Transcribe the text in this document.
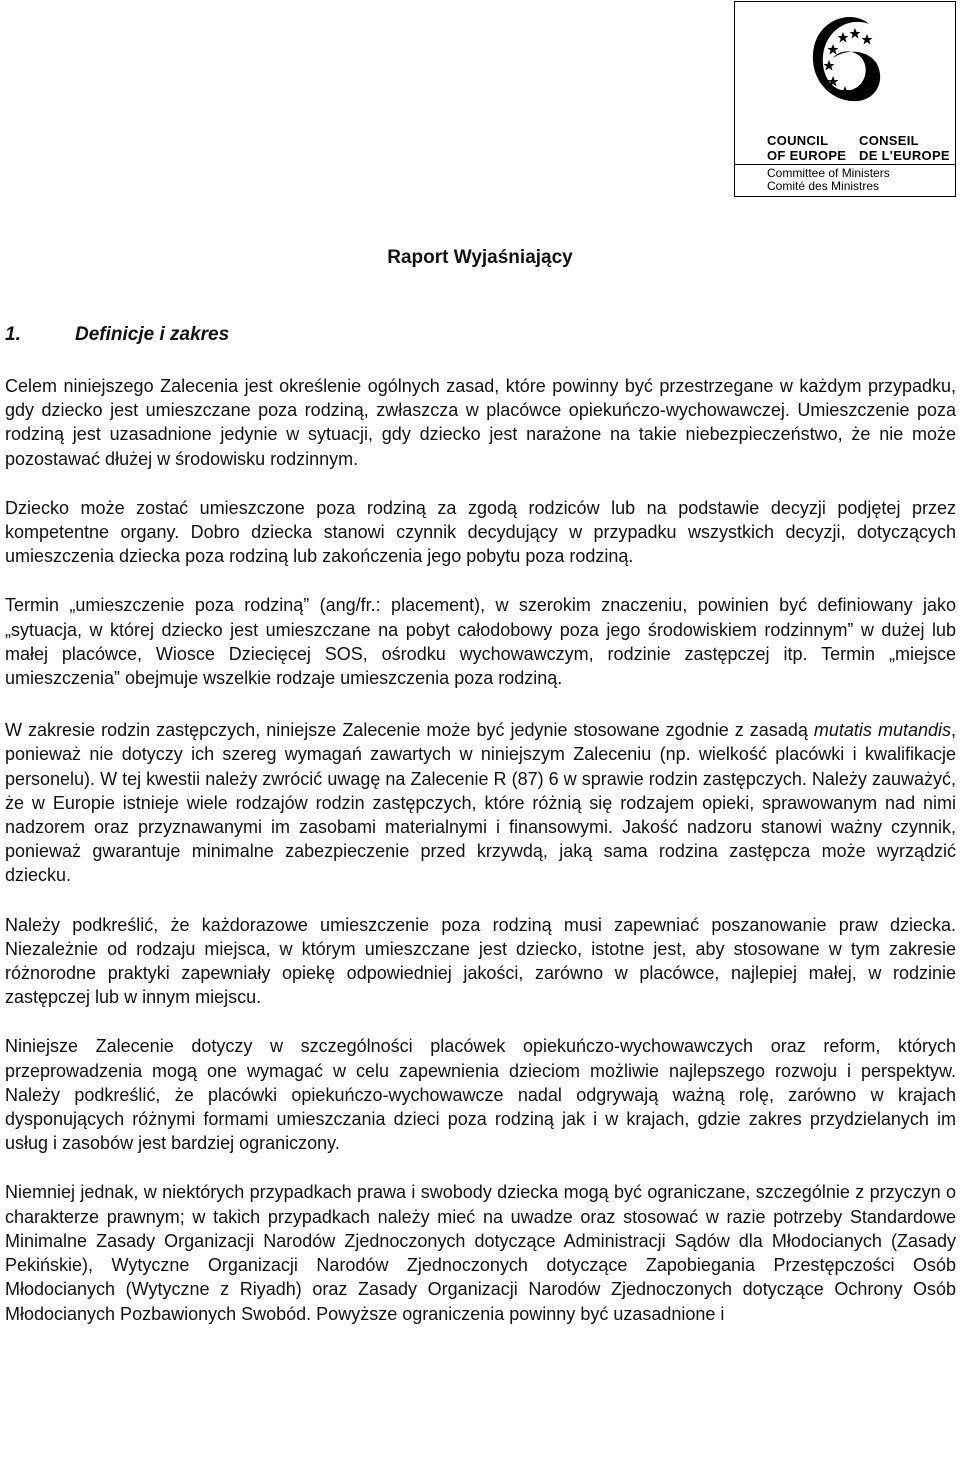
COUNCIL
OF EUROPE
CONSEIL
DE L'EUROPE
Committee of Ministers
Comité des Ministres
Raport Wyjaśniający
1.	Definicje i zakres

Celem niniejszego Zalecenia jest określenie ogólnych zasad, które powinny być przestrzegane w każdym przypadku, gdy dziecko jest umieszczane poza rodziną, zwłaszcza w placówce opiekuńczo-wychowawczej. Umieszczenie poza rodziną jest uzasadnione jedynie w sytuacji, gdy dziecko jest narażone na takie niebezpieczeństwo, że nie może pozostawać dłużej w środowisku rodzinnym.

Dziecko może zostać umieszczone poza rodziną za zgodą rodziców lub na podstawie decyzji podjętej przez kompetentne organy. Dobro dziecka stanowi czynnik decydujący w przypadku wszystkich decyzji, dotyczących umieszczenia dziecka poza rodziną lub zakończenia jego pobytu poza rodziną.

Termin „umieszczenie poza rodziną” (ang/fr.: placement), w szerokim znaczeniu, powinien być definiowany jako „sytuacja, w której dziecko jest umieszczane na pobyt całodobowy poza jego środowiskiem rodzinnym” w dużej lub małej placówce, Wiosce Dziecięcej SOS, ośrodku wychowawczym, rodzinie zastępczej itp. Termin „miejsce umieszczenia” obejmuje wszelkie rodzaje umieszczenia poza rodziną.

W zakresie rodzin zastępczych, niniejsze Zalecenie może być jedynie stosowane zgodnie z zasadą mutatis mutandis, ponieważ nie dotyczy ich szereg wymagań zawartych w niniejszym Zaleceniu (np. wielkość placówki i kwalifikacje personelu). W tej kwestii należy zwrócić uwagę na Zalecenie R (87) 6 w sprawie rodzin zastępczych. Należy zauważyć, że w Europie istnieje wiele rodzajów rodzin zastępczych, które różnią się rodzajem opieki, sprawowanym nad nimi nadzorem oraz przyznawanymi im zasobami materialnymi i finansowymi. Jakość nadzoru stanowi ważny czynnik, ponieważ gwarantuje minimalne zabezpieczenie przed krzywdą, jaką sama rodzina zastępcza może wyrządzić dziecku.

Należy podkreślić, że każdorazowe umieszczenie poza rodziną musi zapewniać poszanowanie praw dziecka. Niezależnie od rodzaju miejsca, w którym umieszczane jest dziecko, istotne jest, aby stosowane w tym zakresie różnorodne praktyki zapewniały opiekę odpowiedniej jakości, zarówno w placówce, najlepiej małej, w rodzinie zastępczej lub w innym miejscu.

Niniejsze Zalecenie dotyczy w szczególności placówek opiekuńczo-wychowawczych oraz reform, których przeprowadzenia mogą one wymagać w celu zapewnienia dzieciom możliwie najlepszego rozwoju i perspektyw. Należy podkreślić, że placówki opiekuńczo-wychowawcze nadal odgrywają ważną rolę, zarówno w krajach dysponujących różnymi formami umieszczania dzieci poza rodziną jak i w krajach, gdzie zakres przydzielanych im usług i zasobów jest bardziej ograniczony.

Niemniej jednak, w niektórych przypadkach prawa i swobody dziecka mogą być ograniczane, szczególnie z przyczyn o charakterze prawnym; w takich przypadkach należy mieć na uwadze oraz stosować w razie potrzeby Standardowe Minimalne Zasady Organizacji Narodów Zjednoczonych dotyczące Administracji Sądów dla Młodocianych (Zasady Pekińskie), Wytyczne Organizacji Narodów Zjednoczonych dotyczące Zapobiegania Przestępczości Osób Młodocianych (Wytyczne z Riyadh) oraz Zasady Organizacji Narodów Zjednoczonych dotyczące Ochrony Osób Młodocianych Pozbawionych Swobód. Powyższe ograniczenia powinny być uzasadnione i
